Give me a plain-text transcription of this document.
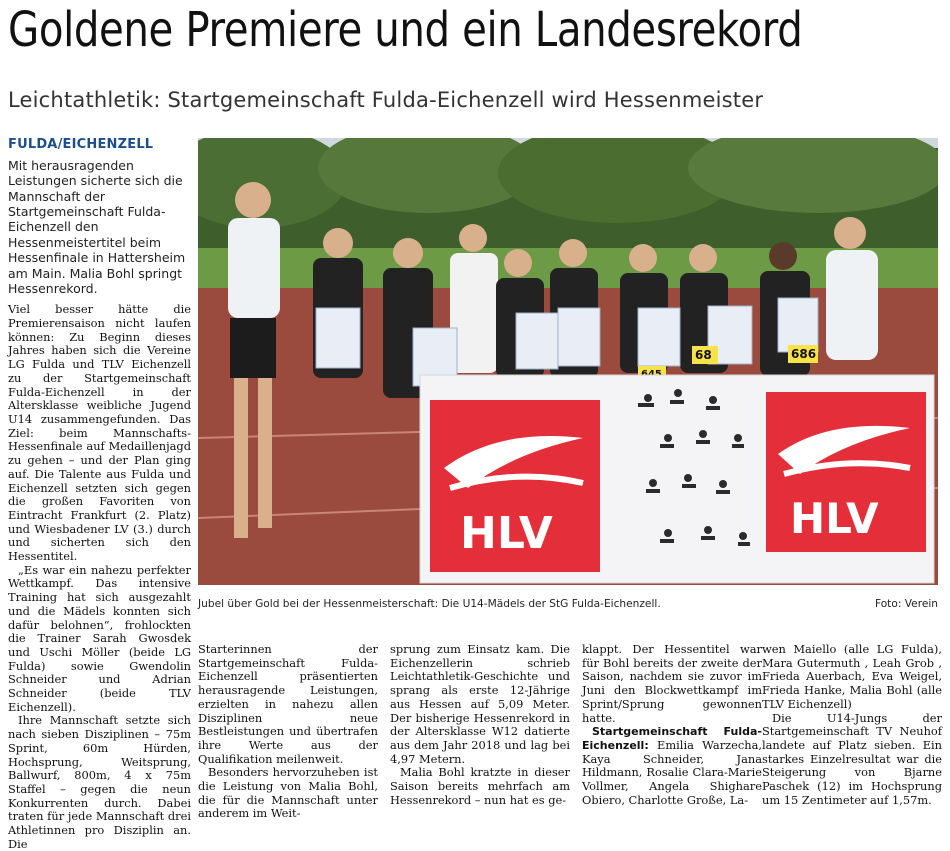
Goldene Premiere und ein Landesrekord
Leichtathletik: Startgemeinschaft Fulda-Eichenzell wird Hessenmeister
FULDA/EICHENZELL
Mit herausragenden Leistungen sicherte sich die Mannschaft der Startgemeinschaft Fulda-Eichenzell den Hessenmeistertitel beim Hessenfinale in Hattersheim am Main. Malia Bohl springt Hessenrekord.

Viel besser hätte die Premierensaison nicht laufen können: Zu Beginn dieses Jahres haben sich die Vereine LG Fulda und TLV Eichenzell zu der Startgemeinschaft Fulda-Eichenzell in der Altersklasse weibliche Jugend U14 zusammengefunden. Das Ziel: beim Mannschafts-Hessenfinale auf Medaillenjagd zu gehen – und der Plan ging auf. Die Talente aus Fulda und Eichenzell setzten sich gegen die großen Favoriten von Eintracht Frankfurt (2. Platz) und Wiesbadener LV (3.) durch und sicherten sich den Hessentitel.

„Es war ein nahezu perfekter Wettkampf. Das intensive Training hat sich ausgezahlt und die Mädels konnten sich dafür belohnen“, frohlockten die Trainer Sarah Gwosdek und Uschi Möller (beide LG Fulda) sowie Gwendolin Schneider und Adrian Schneider (beide TLV Eichenzell).

Ihre Mannschaft setzte sich nach sieben Disziplinen – 75m Sprint, 60m Hürden, Hochsprung, Weitsprung, Ballwurf, 800m, 4 x 75m Staffel – gegen die neun Konkurrenten durch. Dabei traten für jede Mannschaft drei Athletinnen pro Disziplin an. Die

68	686
HLV	HLV
Jubel über Gold bei der Hessenmeisterschaft: Die U14-Mädels der StG Fulda-Eichenzell.	Foto: Verein

Starterinnen der Startgemeinschaft Fulda-Eichenzell präsentierten herausragende Leistungen, erzielten in nahezu allen Disziplinen neue Bestleistungen und übertrafen ihre Werte aus der Qualifikation meilenweit.

Besonders hervorzuheben ist die Leistung von Malia Bohl, die für die Mannschaft unter anderem im Weit-

sprung zum Einsatz kam. Die Eichenzellerin schrieb Leichtathletik-Geschichte und sprang als erste 12-Jährige aus Hessen auf 5,09 Meter. Der bisherige Hessenrekord in der Altersklasse W12 datierte aus dem Jahr 2018 und lag bei 4,97 Metern.

Malia Bohl kratzte in dieser Saison bereits mehrfach am Hessenrekord – nun hat es ge-

klappt. Der Hessentitel war für Bohl bereits der zweite der Saison, nachdem sie zuvor im Juni den Blockwettkampf im Sprint/Sprung gewonnen hatte.

Startgemeinschaft Fulda-Eichenzell: Emilia Warzecha, Kaya Schneider, Jana Hildmann, Rosalie Clara-Marie Vollmer, Angela Shighare Obiero, Charlotte Große, La-

wen Maiello (alle LG Fulda), Mara Gutermuth , Leah Grob , Frieda Auerbach, Eva Weigel, Frieda Hanke, Malia Bohl (alle TLV Eichenzell)

Die U14-Jungs der Startgemeinschaft TV Neuhof landete auf Platz sieben. Ein starkes Einzelresultat war die Steigerung von Bjarne Paschek (12) im Hochsprung um 15 Zentimeter auf 1,57m.
